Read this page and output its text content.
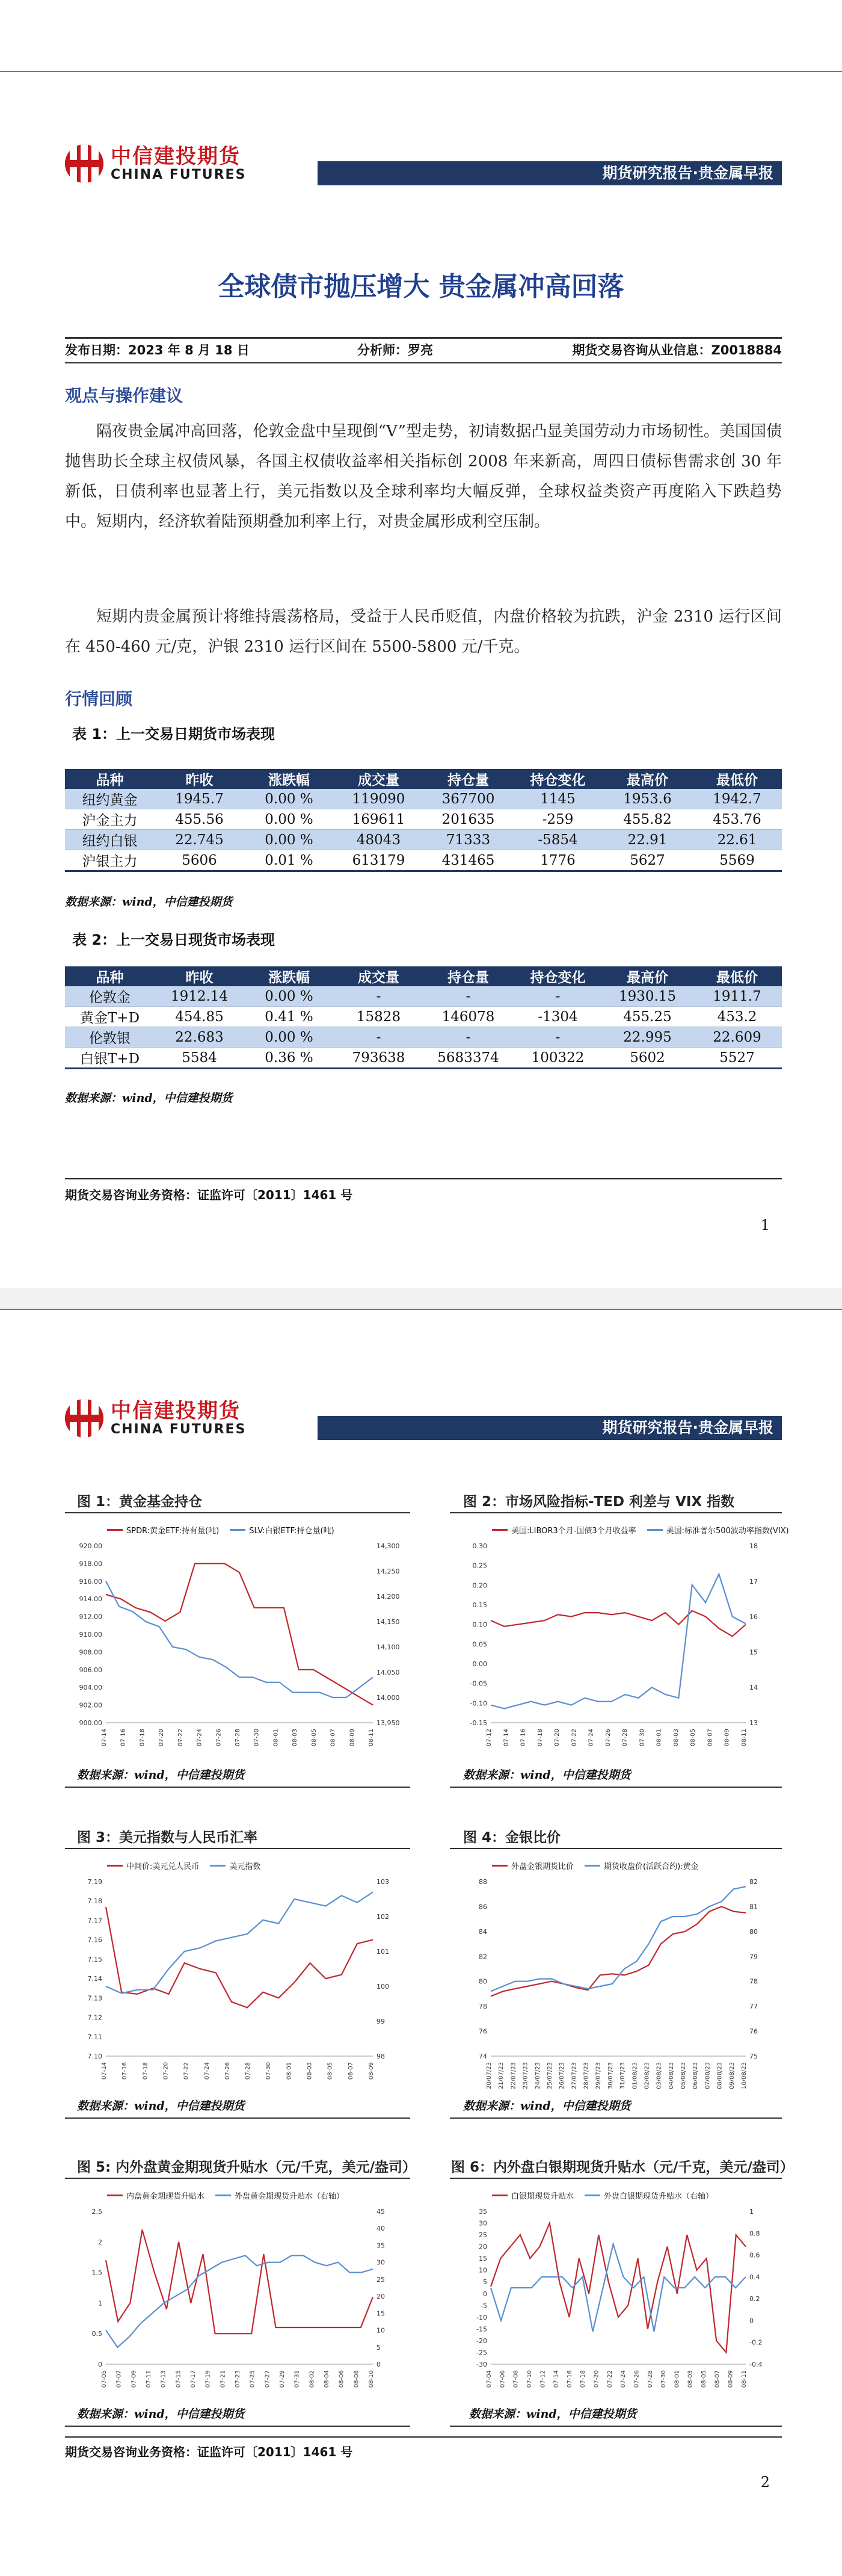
中信建投期货
CHINA FUTURES	期货研究报告·贵金属早报
全球债市抛压增大 贵金属冲高回落
发布日期：2023 年 8 月 18 日	分析师：罗亮	期货交易咨询从业信息：Z0018884
观点与操作建议
隔夜贵金属冲高回落，伦敦金盘中呈现倒“V”型走势，初请数据凸显美国劳动力市场韧性。美国国债抛售助长全球主权债风暴，各国主权债收益率相关指标创 2008 年来新高，周四日债标售需求创 30 年新低，日债利率也显著上行，美元指数以及全球利率均大幅反弹，全球权益类资产再度陷入下跌趋势中。短期内，经济软着陆预期叠加利率上行，对贵金属形成利空压制。
短期内贵金属预计将维持震荡格局，受益于人民币贬值，内盘价格较为抗跌，沪金 2310 运行区间在 450-460 元/克，沪银 2310 运行区间在 5500-5800 元/千克。
行情回顾
表 1：上一交易日期货市场表现
品种	昨收	涨跌幅	成交量	持仓量	持仓变化	最高价	最低价
纽约黄金	1945.7	0.00 %	119090	367700	1145	1953.6	1942.7
沪金主力	455.56	0.00 %	169611	201635	-259	455.82	453.76
纽约白银	22.745	0.00 %	48043	71333	-5854	22.91	22.61
沪银主力	5606	0.01 %	613179	431465	1776	5627	5569
数据来源：wind，中信建投期货
表 2：上一交易日现货市场表现
品种	昨收	涨跌幅	成交量	持仓量	持仓变化	最高价	最低价
伦敦金	1912.14	0.00 %	-	-	-	1930.15	1911.7
黄金T+D	454.85	0.41 %	15828	146078	-1304	455.25	453.2
伦敦银	22.683	0.00 %	-	-	-	22.995	22.609
白银T+D	5584	0.36 %	793638	5683374	100322	5602	5527
数据来源：wind，中信建投期货
期货交易咨询业务资格：证监许可〔2011〕1461 号
1
中信建投期货
CHINA FUTURES	期货研究报告·贵金属早报
图 1：黄金基金持仓	图 2：市场风险指标-TED 利差与 VIX 指数
数据来源：wind，中信建投期货	数据来源：wind，中信建投期货
图 3：美元指数与人民币汇率	图 4：金银比价
数据来源：wind，中信建投期货	数据来源：wind，中信建投期货
图 5: 内外盘黄金期现货升贴水（元/千克，美元/盎司）	图 6：内外盘白银期现货升贴水（元/千克，美元/盎司）
数据来源：wind，中信建投期货	数据来源：wind，中信建投期货
期货交易咨询业务资格：证监许可〔2011〕1461 号
2
SPDR:黄金ETF:持有量(吨)	SLV:白银ETF:持仓量(吨)
900.00
902.00
904.00
906.00
908.00
910.00
912.00
914.00
916.00
918.00
920.00
13,950
14,000
14,050
14,100
14,150
14,200
14,250
14,300
07-14 07-16 07-18 07-20 07-22 07-24 07-26 07-28 07-30 08-01 08-03 08-05 08-07 08-09 08-11
美国:LIBOR3个月-国债3个月收益率	美国:标准普尔500波动率指数(VIX)
-0.15
-0.10
-0.05
0.00
0.05
0.10
0.15
0.20
0.25
0.30
13
14
15
16
17
18
07-12 07-14 07-16 07-18 07-20 07-22 07-24 07-26 07-28 07-30 08-01 08-03 08-05 08-07 08-09 08-11
中间价:美元兑人民币	美元指数
7.10
7.11
7.12
7.13
7.14
7.15
7.16
7.17
7.18
7.19
98
99
100
101
102
103
07-14 07-16 07-18 07-20 07-22 07-24 07-26 07-28 07-30 08-01 08-03 08-05 08-07 08-09
外盘金银期货比价	期货收盘价(活跃合约):黄金
74
76
78
80
82
84
86
88
75
76
77
78
79
80
81
82
20/07/23 21/07/23 22/07/23 23/07/23 24/07/23 25/07/23 26/07/23 27/07/23 28/07/23 29/07/23 30/07/23 31/07/23 01/08/23 02/08/23 03/08/23 04/08/23 05/08/23 06/08/23 07/08/23 08/08/23 09/08/23 10/08/23
内盘黄金期现货升贴水	外盘黄金期现货升贴水（右轴）
0
0.5
1
1.5
2
2.5
0
5
10
15
20
25
30
35
40
45
07-05 07-07 07-09 07-11 07-13 07-15 07-17 07-19 07-21 07-23 07-25 07-27 07-29 07-31 08-02 08-04 08-06 08-08 08-10
白银期现货升贴水	外盘白银期现货升贴水（右轴）
-30
-25
-20
-15
-10
-5
0
5
10
15
20
25
30
35
-0.4
-0.2
0
0.2
0.4
0.6
0.8
1
07-04 07-06 07-08 07-10 07-12 07-14 07-16 07-18 07-20 07-22 07-24 07-26 07-28 07-30 08-01 08-03 08-05 08-07 08-09 08-11
